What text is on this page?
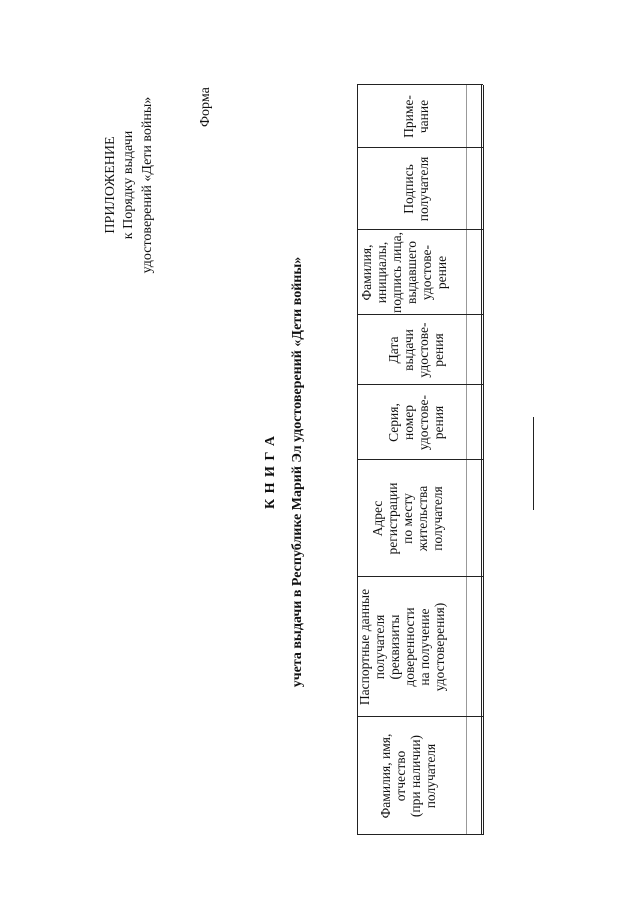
ПРИЛОЖЕНИЕ к Порядку выдачи удостоверений «Дети войны»	Форма
К Н И Г А учета выдачи в Республике Марий Эл удостоверений «Дети войны»
Фамилия, имя,
отчество
(при наличии)
получателя
Паспортные данные
получателя
(реквизиты
доверенности
на получение
удостоверения)
Адрес
регистрации
по месту
жительства
получателя
Серия,
номер
удостове-
рения
Дата
выдачи
удостове-
рения
Фамилия,
инициалы,
подпись лица,
выдавшего
удостове-
рение
Подпись
получателя
Приме-
чание
